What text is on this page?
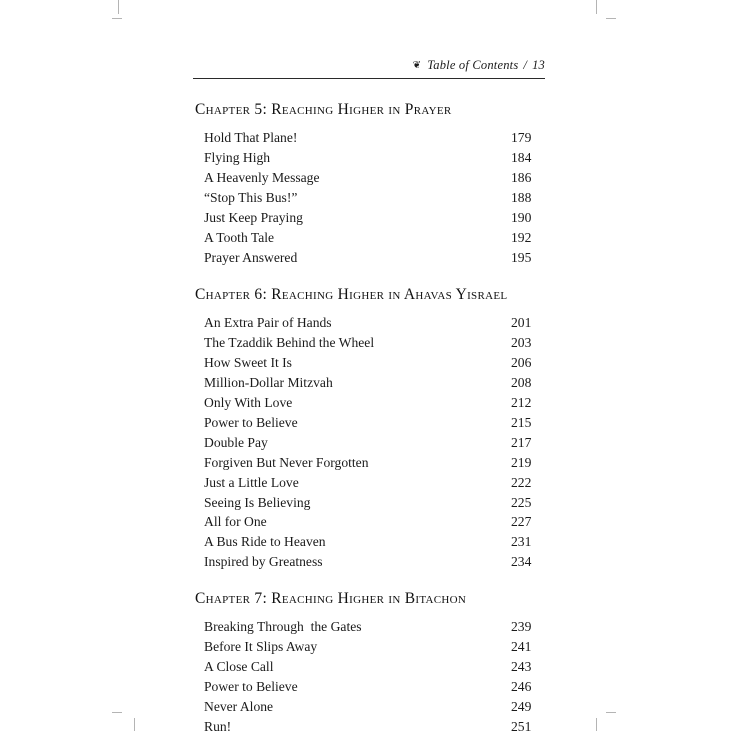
❦ Table of Contents / 13
Chapter 5: Reaching Higher in Prayer
Hold That Plane!	179
Flying High	184
A Heavenly Message	186
“Stop This Bus!”	188
Just Keep Praying	190
A Tooth Tale	192
Prayer Answered	195
Chapter 6: Reaching Higher in Ahavas Yisrael
An Extra Pair of Hands	201
The Tzaddik Behind the Wheel	203
How Sweet It Is	206
Million-Dollar Mitzvah	208
Only With Love	212
Power to Believe	215
Double Pay	217
Forgiven But Never Forgotten	219
Just a Little Love	222
Seeing Is Believing	225
All for One	227
A Bus Ride to Heaven	231
Inspired by Greatness	234
Chapter 7: Reaching Higher in Bitachon
Breaking Through  the Gates	239
Before It Slips Away	241
A Close Call	243
Power to Believe	246
Never Alone	249
Run!	251
